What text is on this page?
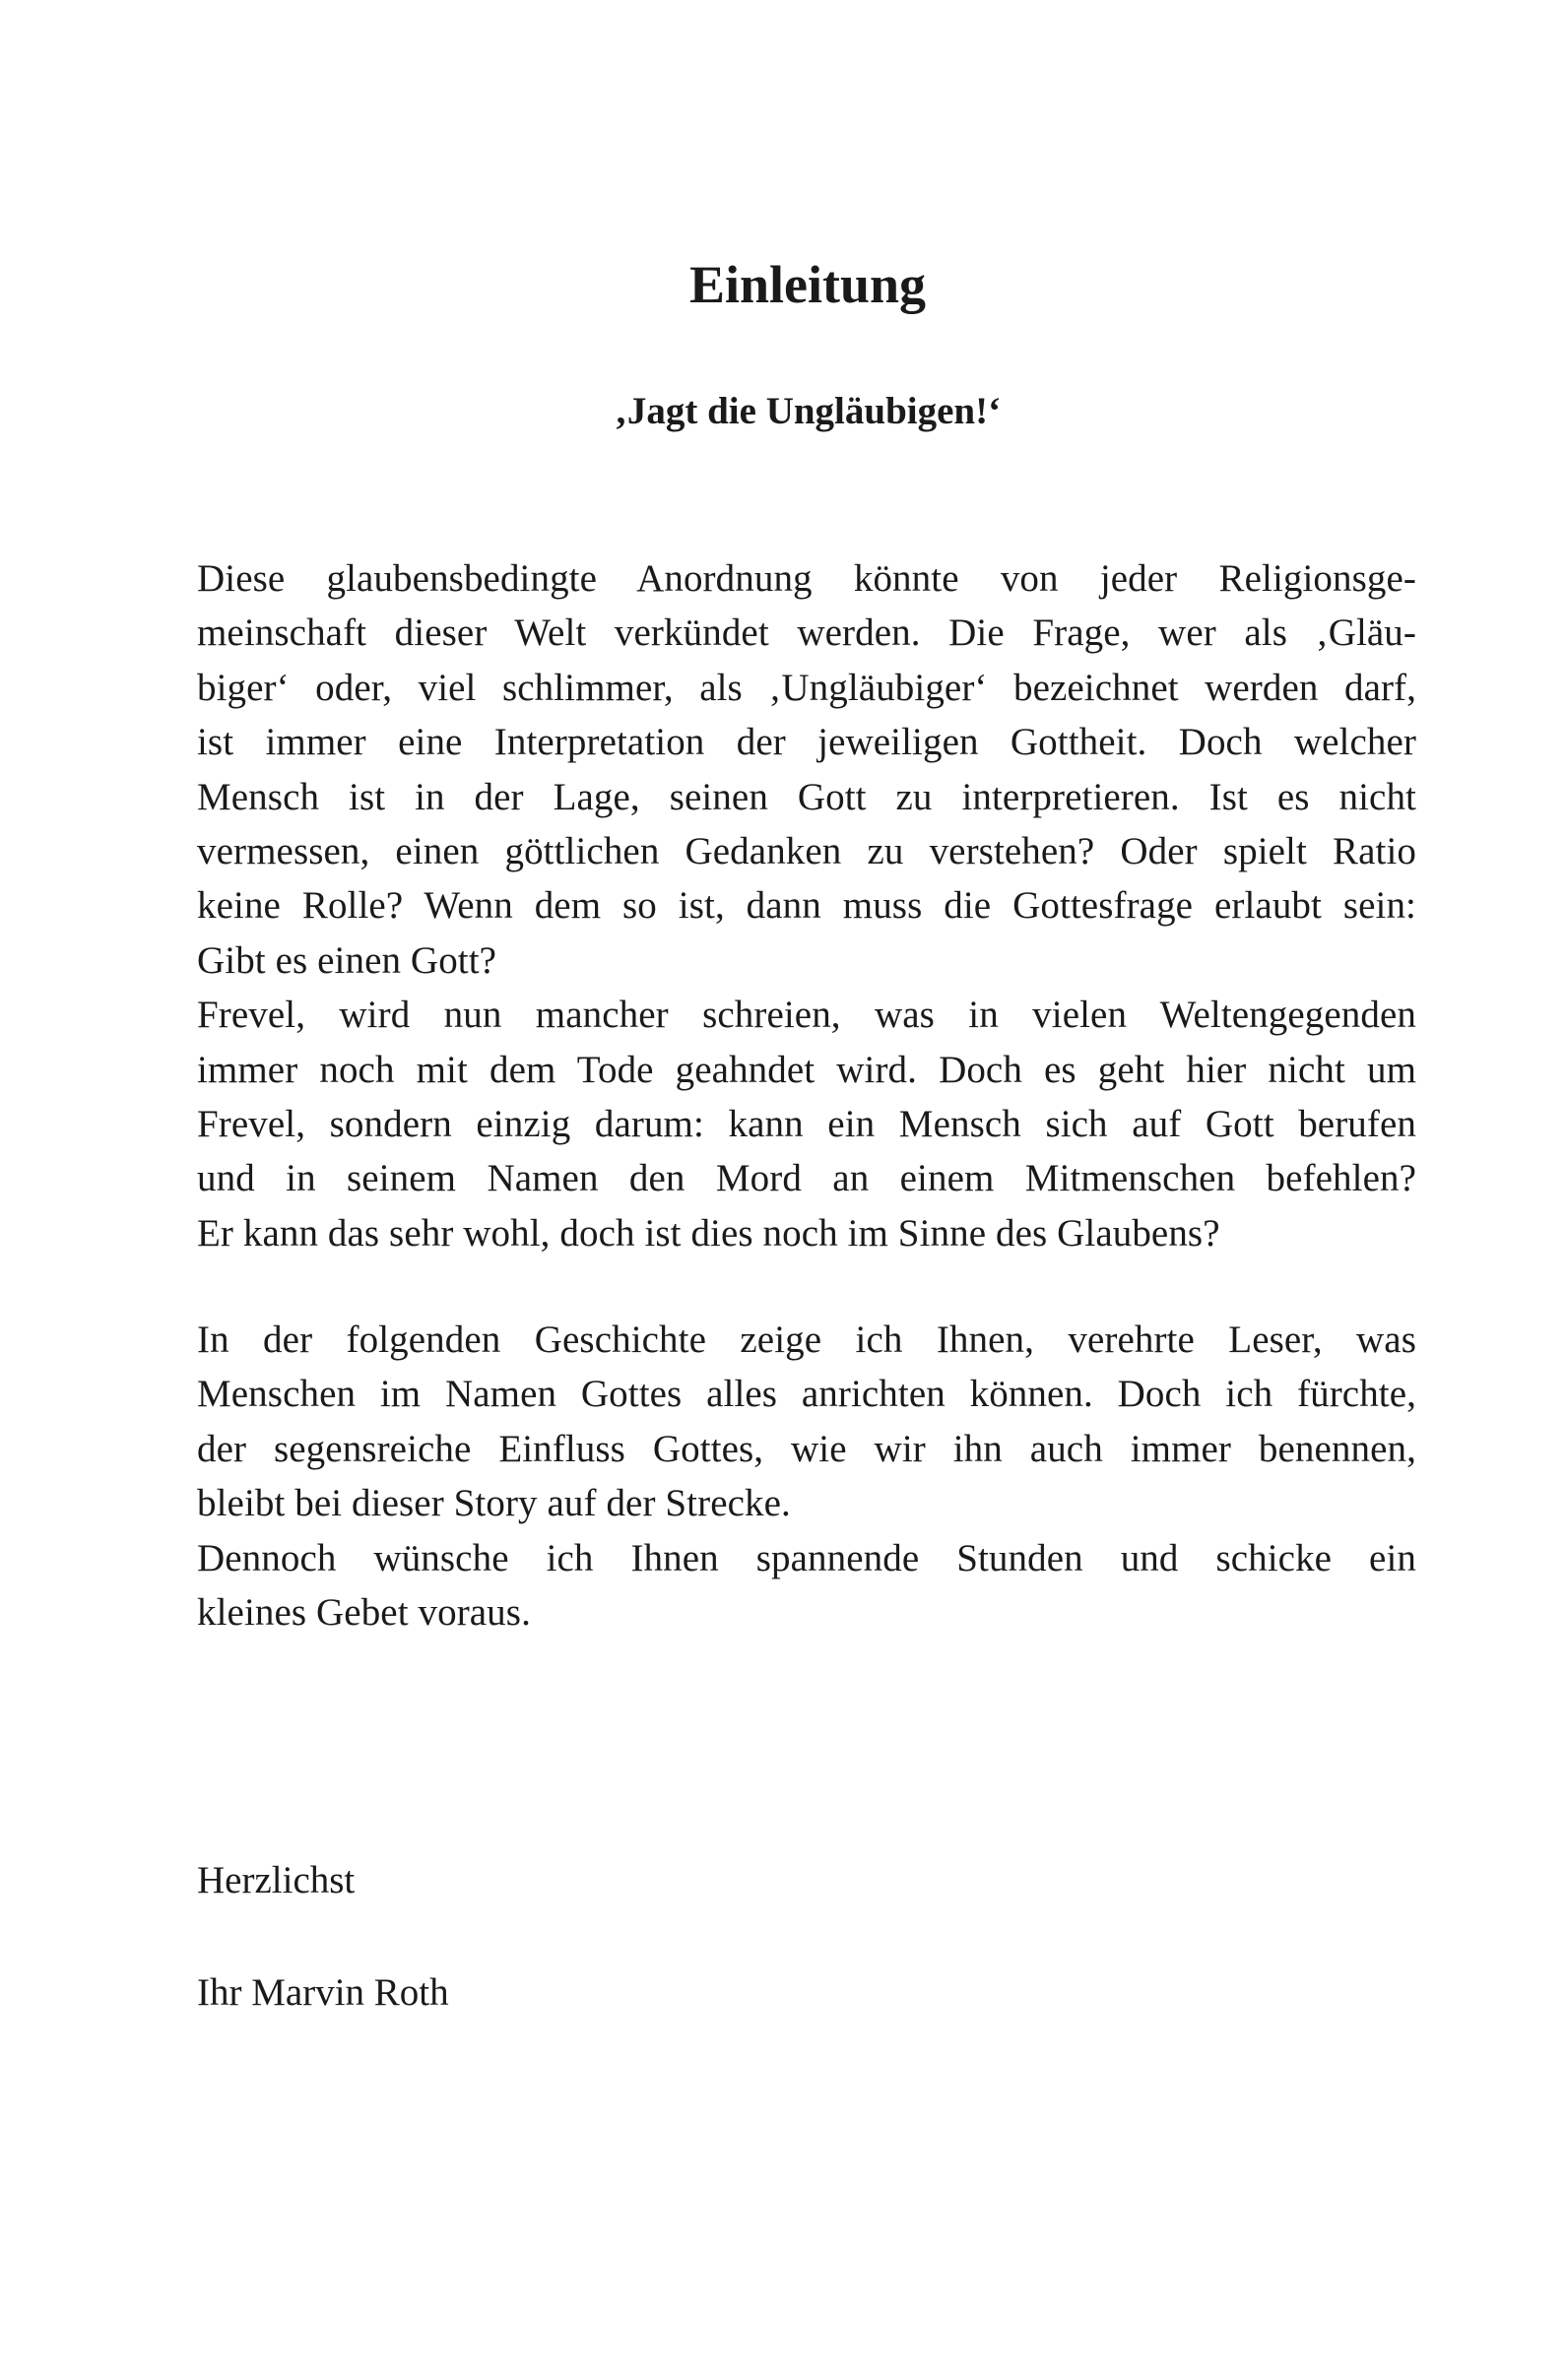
Einleitung
‚Jagt die Ungläubigen!‘
Diese glaubensbedingte Anordnung könnte von jeder Religionsge-
meinschaft dieser Welt verkündet werden. Die Frage, wer als ‚Gläu-
biger‘ oder, viel schlimmer, als ‚Ungläubiger‘ bezeichnet werden darf,
ist immer eine Interpretation der jeweiligen Gottheit. Doch welcher
Mensch ist in der Lage, seinen Gott zu interpretieren. Ist es nicht
vermessen, einen göttlichen Gedanken zu verstehen? Oder spielt Ratio
keine Rolle? Wenn dem so ist, dann muss die Gottesfrage erlaubt sein:
Gibt es einen Gott?
Frevel, wird nun mancher schreien, was in vielen Weltengegenden
immer noch mit dem Tode geahndet wird. Doch es geht hier nicht um
Frevel, sondern einzig darum: kann ein Mensch sich auf Gott berufen
und in seinem Namen den Mord an einem Mitmenschen befehlen?
Er kann das sehr wohl, doch ist dies noch im Sinne des Glaubens?
In der folgenden Geschichte zeige ich Ihnen, verehrte Leser, was
Menschen im Namen Gottes alles anrichten können. Doch ich fürchte,
der segensreiche Einfluss Gottes, wie wir ihn auch immer benennen,
bleibt bei dieser Story auf der Strecke.
Dennoch wünsche ich Ihnen spannende Stunden und schicke ein
kleines Gebet voraus.
Herzlichst
Ihr Marvin Roth
